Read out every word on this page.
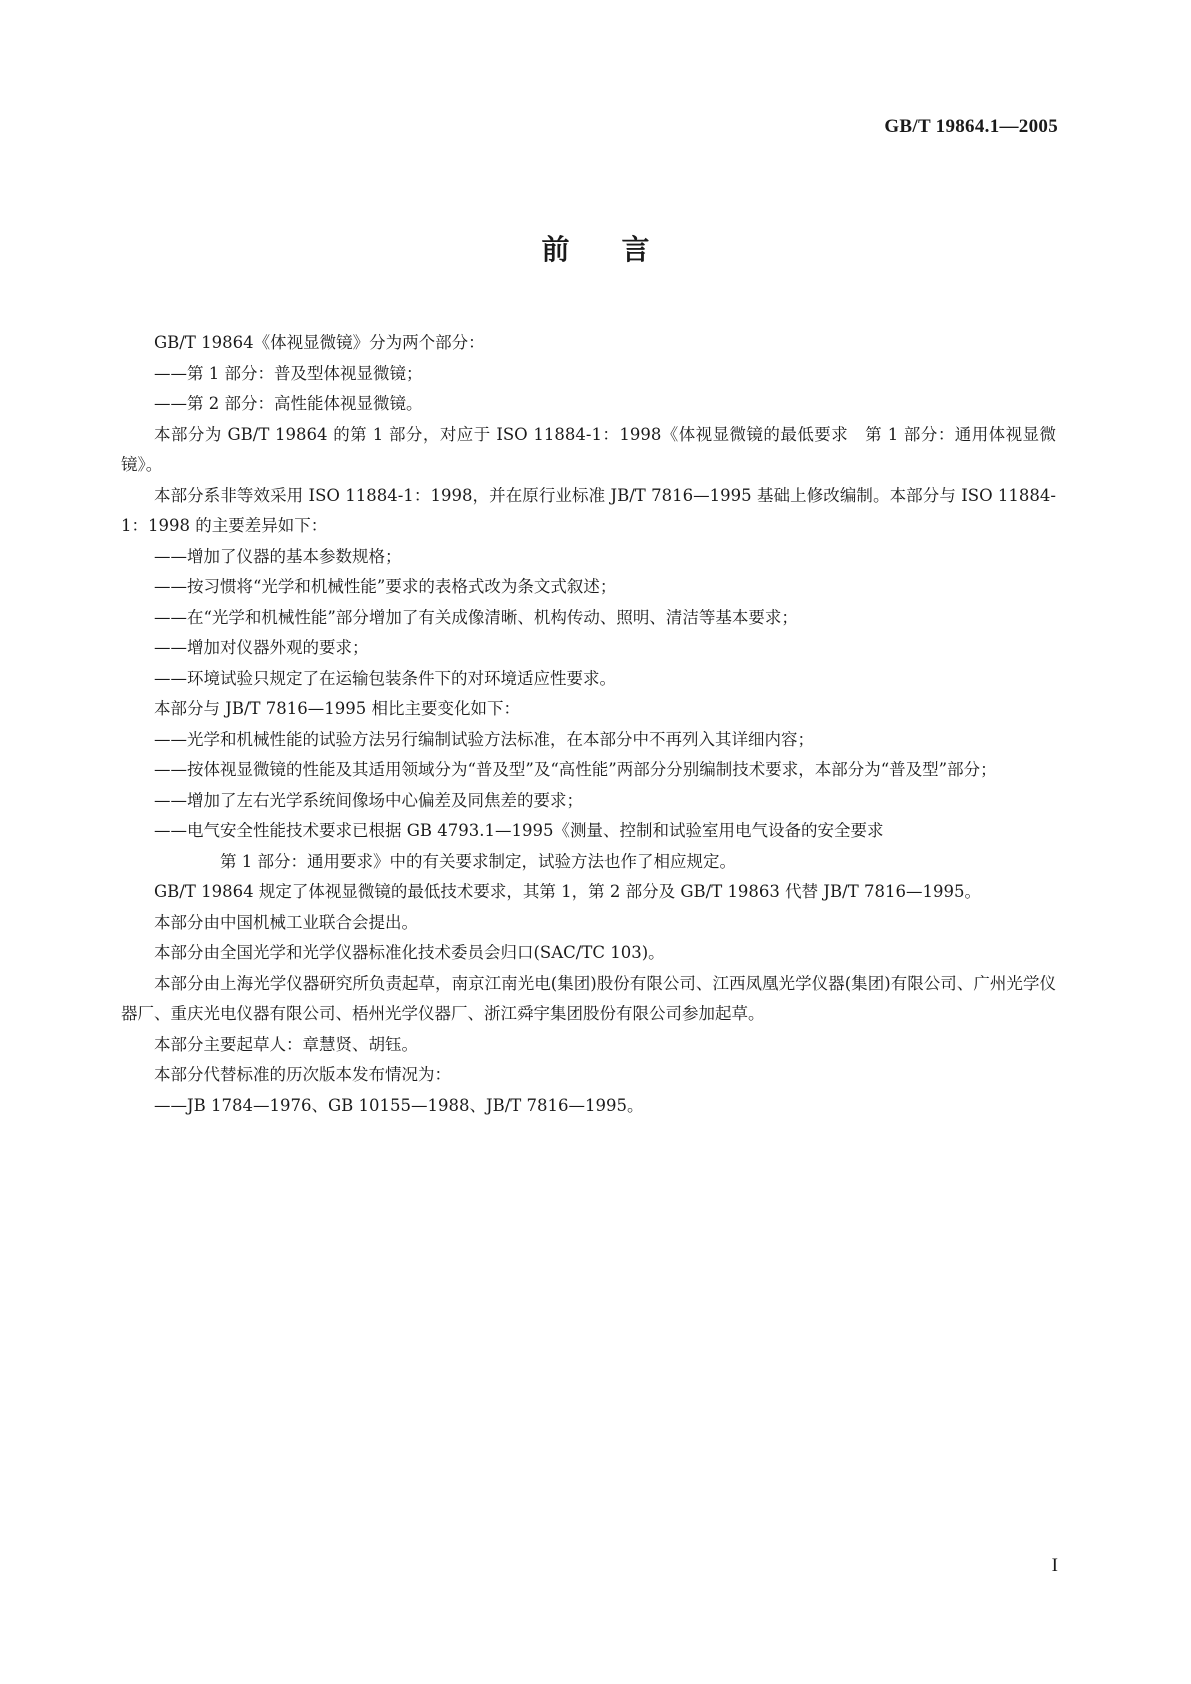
GB/T 19864.1—2005
前言

GB/T 19864《体视显微镜》分为两个部分：

——第 1 部分：普及型体视显微镜；

——第 2 部分：高性能体视显微镜。

本部分为 GB/T 19864 的第 1 部分，对应于 ISO 11884-1：1998《体视显微镜的最低要求　第 1 部分：通用体视显微镜》。

本部分系非等效采用 ISO 11884-1：1998，并在原行业标准 JB/T 7816—1995 基础上修改编制。本部分与 ISO 11884-1：1998 的主要差异如下：

——增加了仪器的基本参数规格；

——按习惯将“光学和机械性能”要求的表格式改为条文式叙述；

——在“光学和机械性能”部分增加了有关成像清晰、机构传动、照明、清洁等基本要求；

——增加对仪器外观的要求；

——环境试验只规定了在运输包装条件下的对环境适应性要求。

本部分与 JB/T 7816—1995 相比主要变化如下：

——光学和机械性能的试验方法另行编制试验方法标准，在本部分中不再列入其详细内容；

——按体视显微镜的性能及其适用领域分为“普及型”及“高性能”两部分分别编制技术要求，本部分为“普及型”部分；

——增加了左右光学系统间像场中心偏差及同焦差的要求；

——电气安全性能技术要求已根据 GB 4793.1—1995《测量、控制和试验室用电气设备的安全要求
第 1 部分：通用要求》中的有关要求制定，试验方法也作了相应规定。

GB/T 19864 规定了体视显微镜的最低技术要求，其第 1，第 2 部分及 GB/T 19863 代替 JB/T 7816—1995。

本部分由中国机械工业联合会提出。

本部分由全国光学和光学仪器标准化技术委员会归口(SAC/TC 103)。

本部分由上海光学仪器研究所负责起草，南京江南光电(集团)股份有限公司、江西凤凰光学仪器(集团)有限公司、广州光学仪器厂、重庆光电仪器有限公司、梧州光学仪器厂、浙江舜宇集团股份有限公司参加起草。

本部分主要起草人：章慧贤、胡钰。

本部分代替标准的历次版本发布情况为：

——JB 1784—1976、GB 10155—1988、JB/T 7816—1995。

I
